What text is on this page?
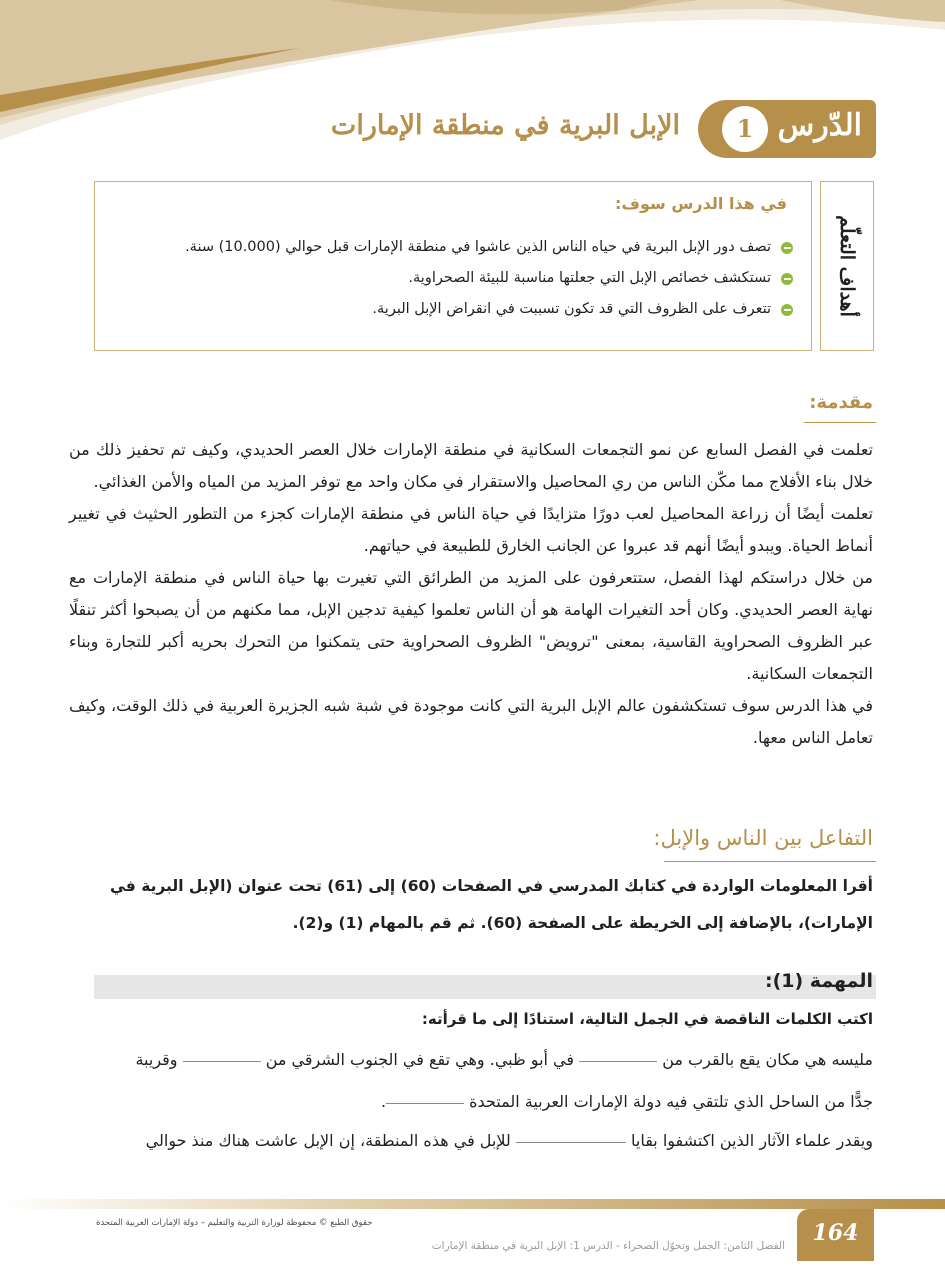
الدّرس
1
الإبل البرية في منطقة الإمارات
أهداف التعلّم
في هذا الدرس سوف:
تصف دور الإبل البرية في حياه الناس الذين عاشوا في منطقة الإمارات قبل حوالي (10.000) سنة.
تستكشف خصائص الإبل التي جعلتها مناسبة للبيئة الصحراوية.
تتعرف على الظروف التي قد تكون تسببت في انقراض الإبل البرية.
مقدمة:

تعلمت في الفصل السابع عن نمو التجمعات السكانية في منطقة الإمارات خلال العصر الحديدي، وكيف تم تحفيز ذلك من خلال بناء الأفلاج مما مكّن الناس من ري المحاصيل والاستقرار في مكان واحد مع توفر المزيد من المياه والأمن الغذائي.

تعلمت أيضًا أن زراعة المحاصيل لعب دورًا متزايدًا في حياة الناس في منطقة الإمارات كجزء من التطور الحثيث في تغيير أنماط الحياة. ويبدو أيضًا أنهم قد عبروا عن الجانب الخارق للطبيعة في حياتهم.

من خلال دراستكم لهذا الفصل، ستتعرفون على المزيد من الطرائق التي تغيرت بها حياة الناس في منطقة الإمارات مع نهاية العصر الحديدي. وكان أحد التغيرات الهامة هو أن الناس تعلموا كيفية تدجين الإبل، مما مكنهم من أن يصبحوا أكثر تنقلًا عبر الظروف الصحراوية القاسية، بمعنى "ترويض" الظروف الصحراوية حتى يتمكنوا من التحرك بحريه أكبر للتجارة وبناء التجمعات السكانية.

في هذا الدرس سوف تستكشفون عالم الإبل البرية التي كانت موجودة في شبة شبه الجزيرة العربية في ذلك الوقت، وكيف تعامل الناس معها.

التفاعل بين الناس والإبل:
أقرا المعلومات الواردة في كتابك المدرسي في الصفحات (60) إلى (61) تحت عنوان (الإبل البرية في الإمارات)، بالإضافة إلى الخريطة على الصفحة (60). ثم قم بالمهام (1) و(2).
المهمة (1):
اكتب الكلمات الناقصة في الجمل التالية، استنادًا إلى ما قرأته:
مليسه هي مكان يقع بالقرب من  في أبو ظبي. وهي تقع في الجنوب الشرقي من  وقريبة
جدًّا من الساحل الذي تلتقي فيه دولة الإمارات العربية المتحدة .
ويقدر علماء الآثار الذين اكتشفوا بقايا  للإبل في هذه المنطقة، إن الإبل عاشت هناك منذ حوالي
164
الفصل الثامن: الجمل وتحوّل الصحراء - الدرس 1: الإبل البرية في منطقة الإمارات
حقوق الطبع © محفوظة لوزارة التربية والتعليم – دولة الإمارات العربية المتحدة
